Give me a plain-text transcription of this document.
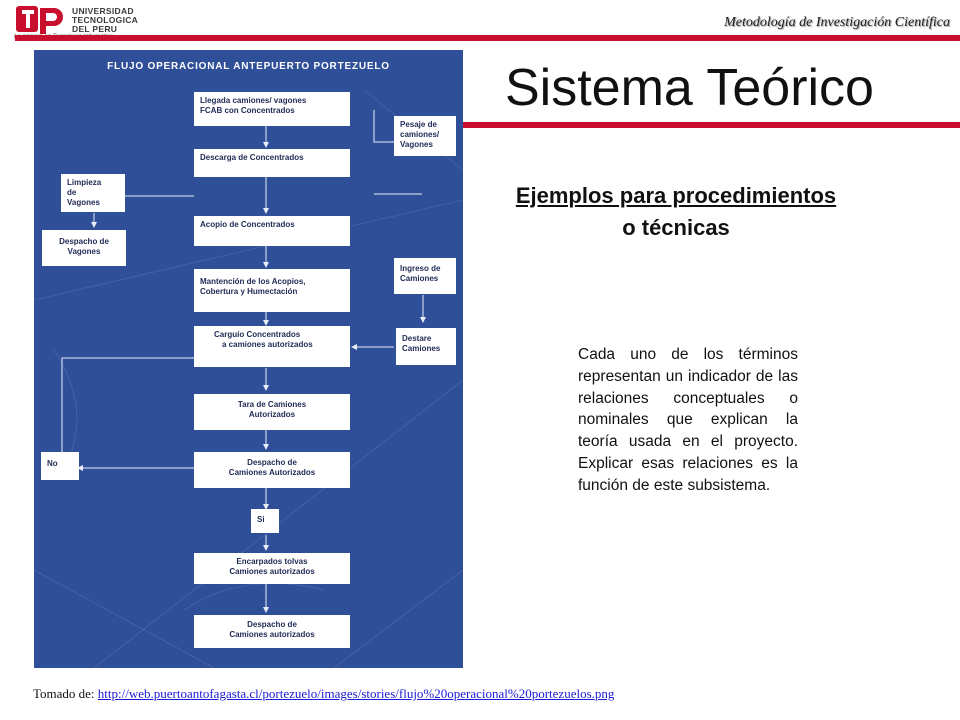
UNIVERSIDAD
TECNOLOGICA
DEL PERU	Metodología de Investigación Científica
FLUJO OPERACIONAL ANTEPUERTO PORTEZUELO
Llegada camiones/ vagones
FCAB con Concentrados
Pesaje de
camiones/
Vagones
Descarga de Concentrados
Limpieza
de
Vagones
Despacho de
Vagones
Acopio de Concentrados
Mantención de los Acopios,
Cobertura y Humectación
Ingreso de
Camiones
Carguío Concentrados
a camiones autorizados
Destare
Camiones
Tara de Camiones
Autorizados
No	Despacho de
Camiones Autorizados
Si
Encarpados tolvas
Camiones autorizados
Despacho de
Camiones autorizados
Sistema Teórico
Ejemplos para procedimientos
o técnicas
Cada uno de los términos representan un indicador de las relaciones conceptuales o nominales que explican la teoría usada en el proyecto. Explicar esas relaciones es la función de este subsistema.
Tomado de: http://web.puertoantofagasta.cl/portezuelo/images/stories/flujo%20operacional%20portezuelos.png
